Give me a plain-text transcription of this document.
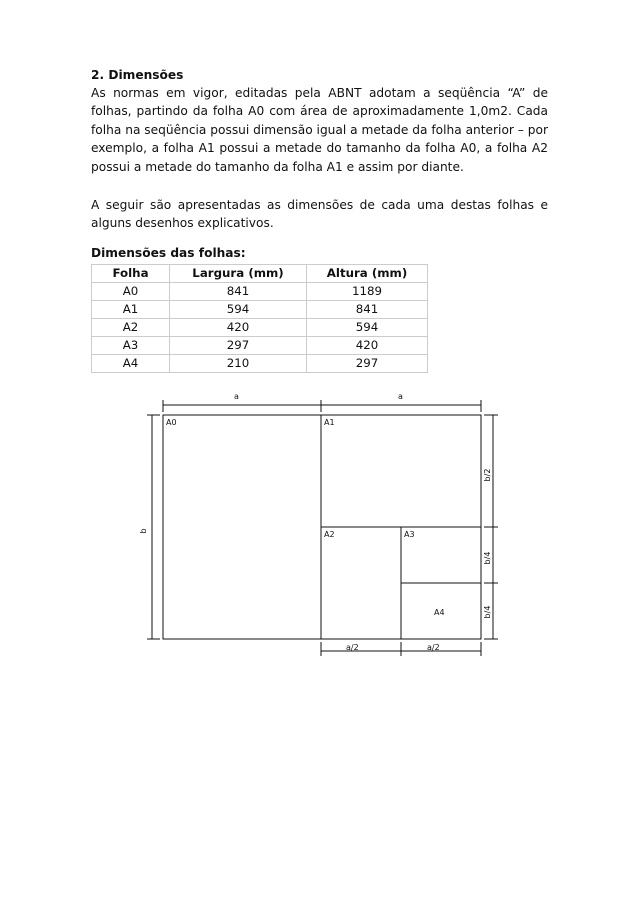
2. Dimensões
As normas em vigor, editadas pela ABNT adotam a seqüência “A” de folhas, partindo da folha A0 com área de aproximadamente 1,0m2. Cada folha na seqüência possui dimensão igual a metade da folha anterior – por exemplo, a folha A1 possui a metade do tamanho da folha A0, a folha A2 possui a metade do tamanho da folha A1 e assim por diante.
A seguir são apresentadas as dimensões de cada uma destas folhas e alguns desenhos explicativos.
Dimensões das folhas:
Folha	Largura (mm)	Altura (mm)
A0	841	1189
A1	594	841
A2	420	594
A3	297	420
A4	210	297
A0	A1
A2	A3
A4
a	a
a/2	a/2
b
b/2
b/4
b/4
